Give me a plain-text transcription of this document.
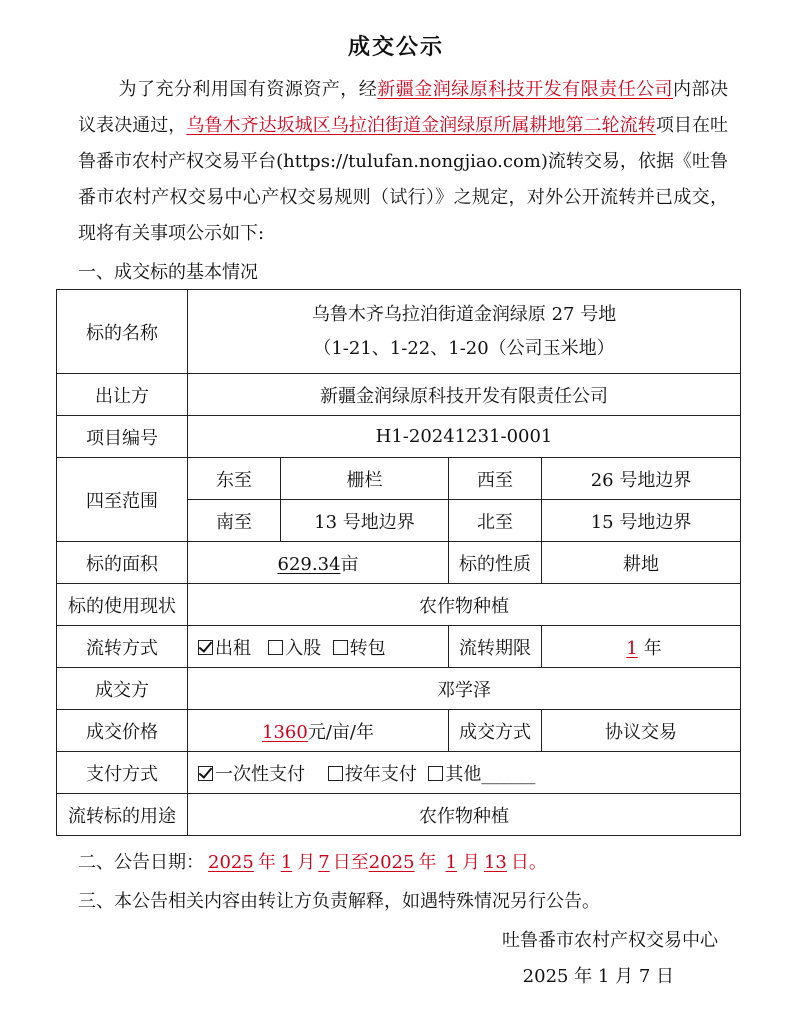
成交公示
为了充分利用国有资源资产，经新疆金润绿原科技开发有限责任公司内部决议表决通过，乌鲁木齐达坂城区乌拉泊街道金润绿原所属耕地第二轮流转项目在吐鲁番市农村产权交易平台(https://tulufan.nongjiao.com)流转交易，依据《吐鲁番市农村产权交易中心产权交易规则（试行）》之规定，对外公开流转并已成交，现将有关事项公示如下:
一、成交标的基本情况
标的名称	乌鲁木齐乌拉泊街道金润绿原 27 号地
（1-21、1-22、1-20（公司玉米地）			

出让方	新疆金润绿原科技开发有限责任公司			
项目编号	H1-20241231-0001			
四至范围	东至	栅栏	西至	26 号地边界
	南至	13 号地边界	北至	15 号地边界
标的面积	629.34亩		标的性质	耕地
标的使用现状	农作物种植			
流转方式	出租 入股 转包		流转期限	1 年
成交方	邓学泽			
成交价格	1360元/亩/年		成交方式	协议交易
支付方式	一次性支付 按年支付 其他______			
流转标的用途	农作物种植			
二、公告日期： 2025 年 1 月 7 日至2025 年 1 月 13 日。
三、本公告相关内容由转让方负责解释，如遇特殊情况另行公告。
吐鲁番市农村产权交易中心
2025 年 1 月 7 日
